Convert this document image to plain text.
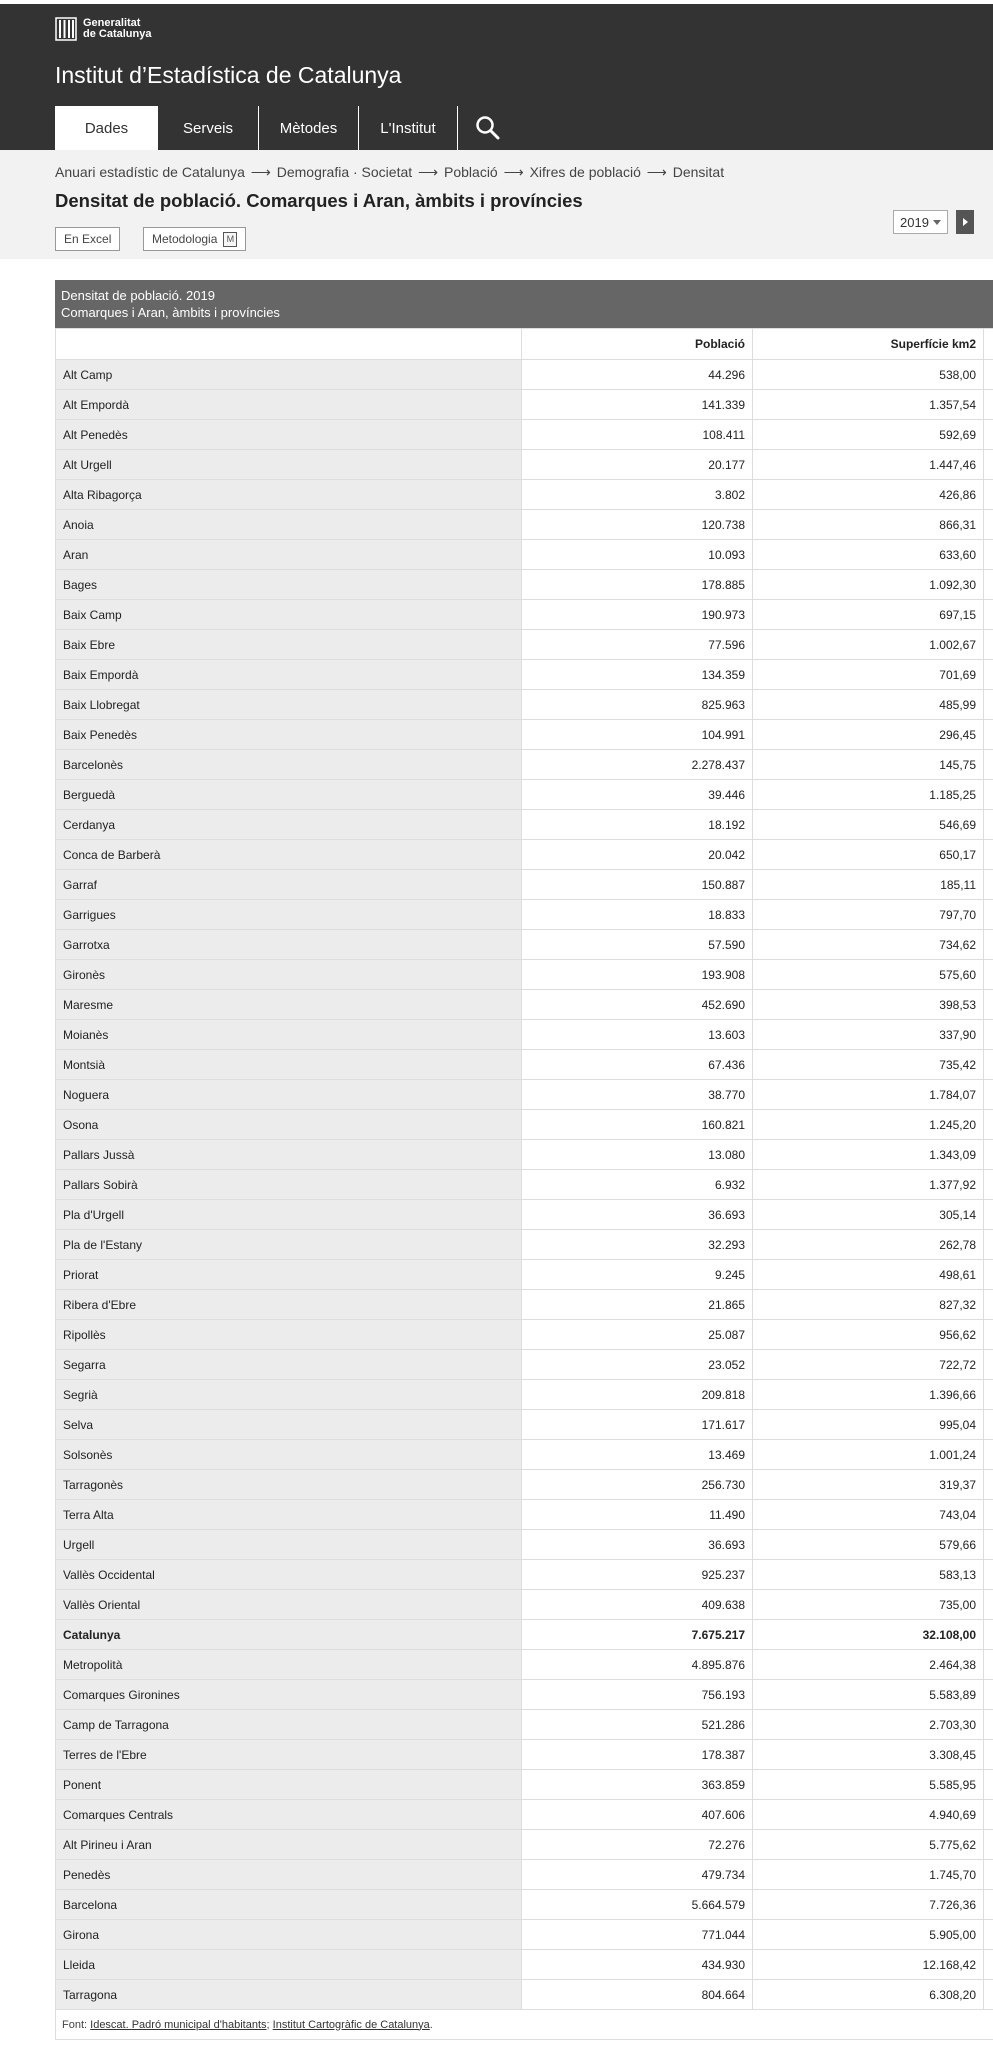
Generalitat
de Catalunya
Institut d’Estadística de Catalunya
Dades	Serveis	Mètodes	L'Institut
Anuari estadístic de Catalunya ⟶ Demografia · Societat ⟶ Població ⟶ Xifres de població ⟶ Densitat
Densitat de població. Comarques i Aran, àmbits i províncies
En Excel	Metodologia	M
2019
Densitat de població. 2019
Comarques i Aran, àmbits i províncies
	Població	Superfície km2	
Alt Camp	44.296	538,00	
Alt Empordà	141.339	1.357,54	
Alt Penedès	108.411	592,69	
Alt Urgell	20.177	1.447,46	
Alta Ribagorça	3.802	426,86	
Anoia	120.738	866,31	
Aran	10.093	633,60	
Bages	178.885	1.092,30	
Baix Camp	190.973	697,15	
Baix Ebre	77.596	1.002,67	
Baix Empordà	134.359	701,69	
Baix Llobregat	825.963	485,99	
Baix Penedès	104.991	296,45	
Barcelonès	2.278.437	145,75	
Berguedà	39.446	1.185,25	
Cerdanya	18.192	546,69	
Conca de Barberà	20.042	650,17	
Garraf	150.887	185,11	
Garrigues	18.833	797,70	
Garrotxa	57.590	734,62	
Gironès	193.908	575,60	
Maresme	452.690	398,53	
Moianès	13.603	337,90	
Montsià	67.436	735,42	
Noguera	38.770	1.784,07	
Osona	160.821	1.245,20	
Pallars Jussà	13.080	1.343,09	
Pallars Sobirà	6.932	1.377,92	
Pla d'Urgell	36.693	305,14	
Pla de l'Estany	32.293	262,78	
Priorat	9.245	498,61	
Ribera d'Ebre	21.865	827,32	
Ripollès	25.087	956,62	
Segarra	23.052	722,72	
Segrià	209.818	1.396,66	
Selva	171.617	995,04	
Solsonès	13.469	1.001,24	
Tarragonès	256.730	319,37	
Terra Alta	11.490	743,04	
Urgell	36.693	579,66	
Vallès Occidental	925.237	583,13	
Vallès Oriental	409.638	735,00	
Catalunya	7.675.217	32.108,00	
Metropolità	4.895.876	2.464,38	
Comarques Gironines	756.193	5.583,89	
Camp de Tarragona	521.286	2.703,30	
Terres de l'Ebre	178.387	3.308,45	
Ponent	363.859	5.585,95	
Comarques Centrals	407.606	4.940,69	
Alt Pirineu i Aran	72.276	5.775,62	
Penedès	479.734	1.745,70	
Barcelona	5.664.579	7.726,36	
Girona	771.044	5.905,00	
Lleida	434.930	12.168,42	
Tarragona	804.664	6.308,20	
Font:
Idescat. Padró municipal d'habitants ;
Institut Cartogràfic de Catalunya .
